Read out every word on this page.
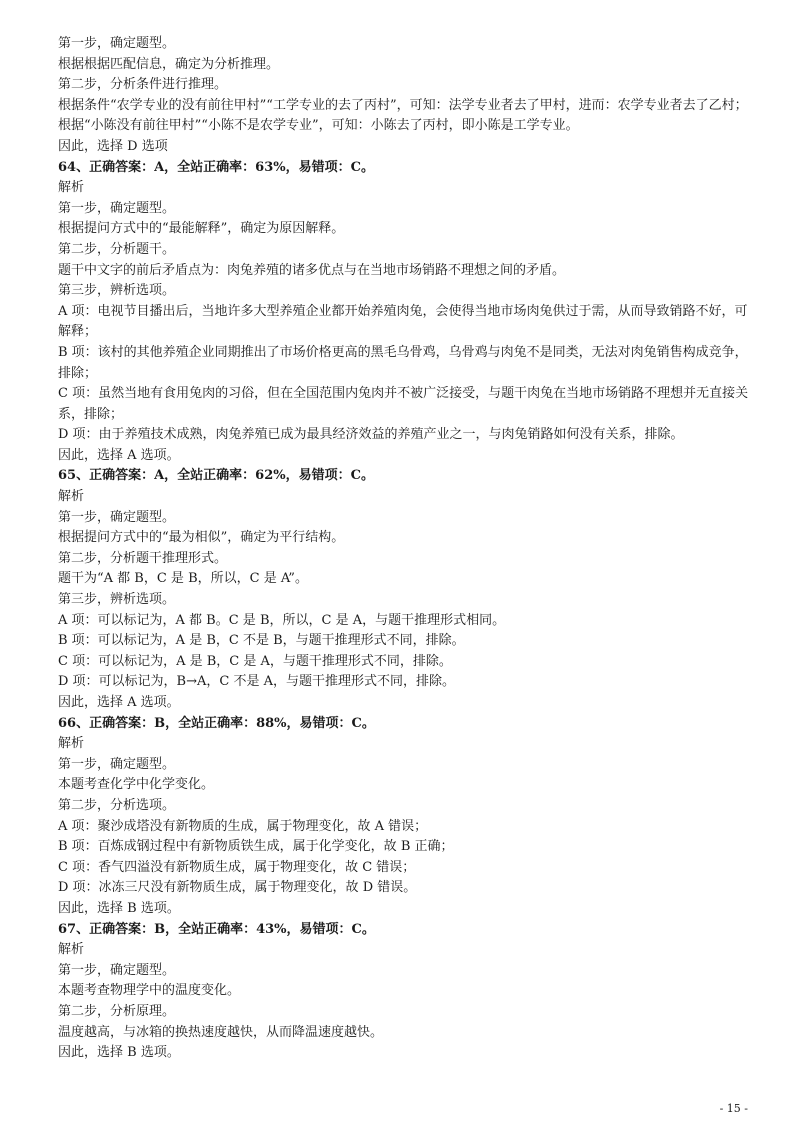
第一步，确定题型。
根据根据匹配信息，确定为分析推理。
第二步，分析条件进行推理。
根据条件“农学专业的没有前往甲村”“工学专业的去了丙村”，可知：法学专业者去了甲村，进而：农学专业者去了乙村；
根据“小陈没有前往甲村”“小陈不是农学专业”，可知：小陈去了丙村，即小陈是工学专业。
因此，选择 D 选项
64、正确答案：A，全站正确率：63%，易错项：C。
解析
第一步，确定题型。
根据提问方式中的“最能解释”，确定为原因解释。
第二步，分析题干。
题干中文字的前后矛盾点为：肉兔养殖的诸多优点与在当地市场销路不理想之间的矛盾。
第三步，辨析选项。
A 项：电视节目播出后，当地许多大型养殖企业都开始养殖肉兔，会使得当地市场肉兔供过于需，从而导致销路不好，可解释；
B 项：该村的其他养殖企业同期推出了市场价格更高的黑毛乌骨鸡，乌骨鸡与肉兔不是同类，无法对肉兔销售构成竞争，排除；
C 项：虽然当地有食用兔肉的习俗，但在全国范围内兔肉并不被广泛接受，与题干肉兔在当地市场销路不理想并无直接关系，排除；
D 项：由于养殖技术成熟，肉兔养殖已成为最具经济效益的养殖产业之一，与肉兔销路如何没有关系，排除。
因此，选择 A 选项。
65、正确答案：A，全站正确率：62%，易错项：C。
解析
第一步，确定题型。
根据提问方式中的“最为相似”，确定为平行结构。
第二步，分析题干推理形式。
题干为“A 都 B，C 是 B，所以，C 是 A”。
第三步，辨析选项。
A 项：可以标记为，A 都 B。C 是 B，所以，C 是 A，与题干推理形式相同。
B 项：可以标记为，A 是 B，C 不是 B，与题干推理形式不同，排除。
C 项：可以标记为，A 是 B，C 是 A，与题干推理形式不同，排除。
D 项：可以标记为，B→A，C 不是 A，与题干推理形式不同，排除。
因此，选择 A 选项。
66、正确答案：B，全站正确率：88%，易错项：C。
解析
第一步，确定题型。
本题考查化学中化学变化。
第二步，分析选项。
A 项：聚沙成塔没有新物质的生成，属于物理变化，故 A 错误；
B 项：百炼成钢过程中有新物质铁生成，属于化学变化，故 B 正确；
C 项：香气四溢没有新物质生成，属于物理变化，故 C 错误；
D 项：冰冻三尺没有新物质生成，属于物理变化，故 D 错误。
因此，选择 B 选项。
67、正确答案：B，全站正确率：43%，易错项：C。
解析
第一步，确定题型。
本题考查物理学中的温度变化。
第二步，分析原理。
温度越高，与冰箱的换热速度越快，从而降温速度越快。
因此，选择 B 选项。
- 15 -
